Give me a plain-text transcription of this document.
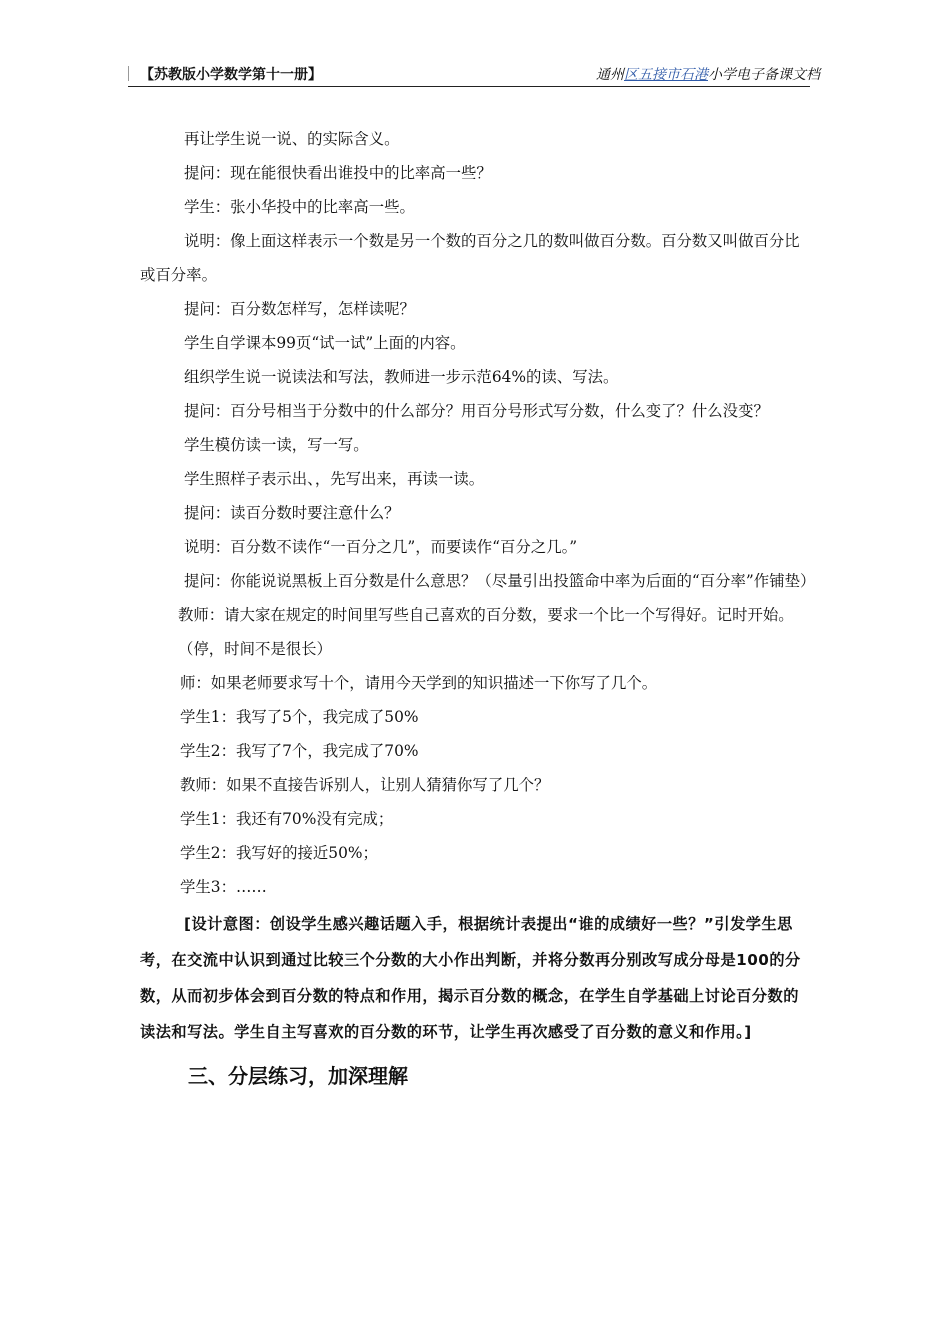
【苏教版小学数学第十一册】	通州区五接市石港小学电子备课文档

再让学生说一说、的实际含义。

提问：现在能很快看出谁投中的比率高一些？

学生：张小华投中的比率高一些。

说明：像上面这样表示一个数是另一个数的百分之几的数叫做百分数。百分数又叫做百分比或百分率。

提问：百分数怎样写，怎样读呢？

学生自学课本99页“试一试”上面的内容。

组织学生说一说读法和写法，教师进一步示范64%的读、写法。

提问：百分号相当于分数中的什么部分？用百分号形式写分数，什么变了？什么没变？

学生模仿读一读，写一写。

学生照样子表示出、，先写出来，再读一读。

提问：读百分数时要注意什么？

说明：百分数不读作“一百分之几”，而要读作“百分之几。”

提问：你能说说黑板上百分数是什么意思？（尽量引出投篮命中率为后面的“百分率”作铺垫）

教师：请大家在规定的时间里写些自己喜欢的百分数，要求一个比一个写得好。记时开始。（停，时间不是很长）

师：如果老师要求写十个，请用今天学到的知识描述一下你写了几个。

学生1：我写了5个，我完成了50%

学生2：我写了7个，我完成了70%

教师：如果不直接告诉别人，让别人猜猜你写了几个？

学生1：我还有70%没有完成；

学生2：我写好的接近50%；

学生3：……

[设计意图：创设学生感兴趣话题入手，根据统计表提出“谁的成绩好一些？”引发学生思考，在交流中认识到通过比较三个分数的大小作出判断，并将分数再分别改写成分母是100的分数，从而初步体会到百分数的特点和作用，揭示百分数的概念，在学生自学基础上讨论百分数的读法和写法。学生自主写喜欢的百分数的环节，让学生再次感受了百分数的意义和作用。]

三、分层练习，加深理解
